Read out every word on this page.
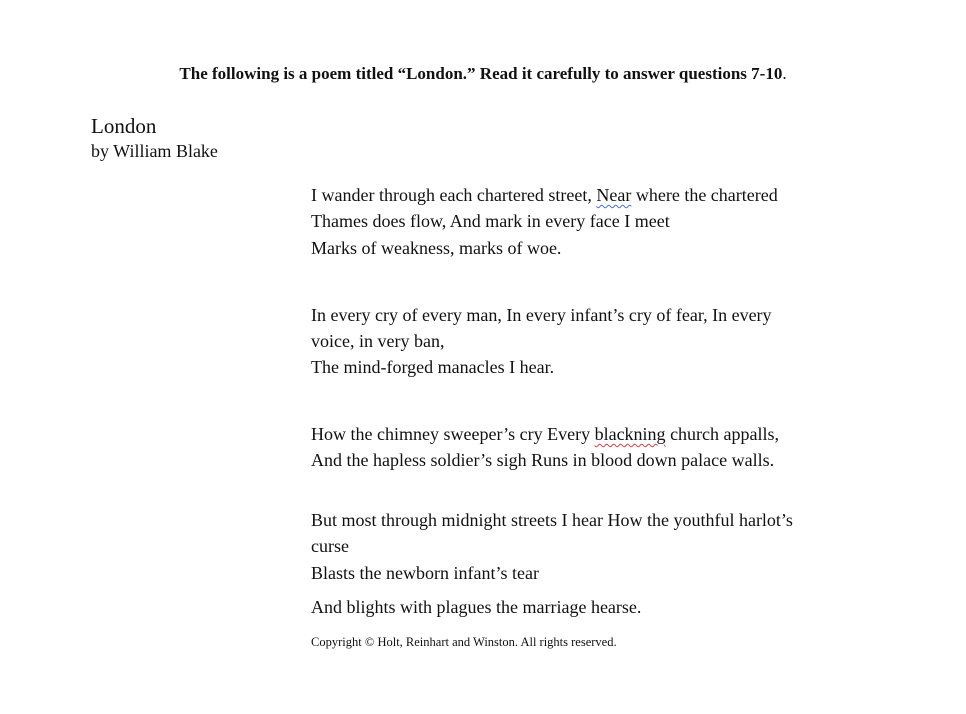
The following is a poem titled “London.” Read it carefully to answer questions 7-10.
London
by William Blake
I wander through each chartered street, Near where the chartered
Thames does flow, And mark in every face I meet
Marks of weakness, marks of woe.
In every cry of every man, In every infant’s cry of fear, In every
voice, in very ban,
The mind-forged manacles I hear.
How the chimney sweeper’s cry Every blackning church appalls,
And the hapless soldier’s sigh Runs in blood down palace walls.
But most through midnight streets I hear How the youthful harlot’s
curse
Blasts the newborn infant’s tear
And blights with plagues the marriage hearse.
Copyright © Holt, Reinhart and Winston. All rights reserved.
